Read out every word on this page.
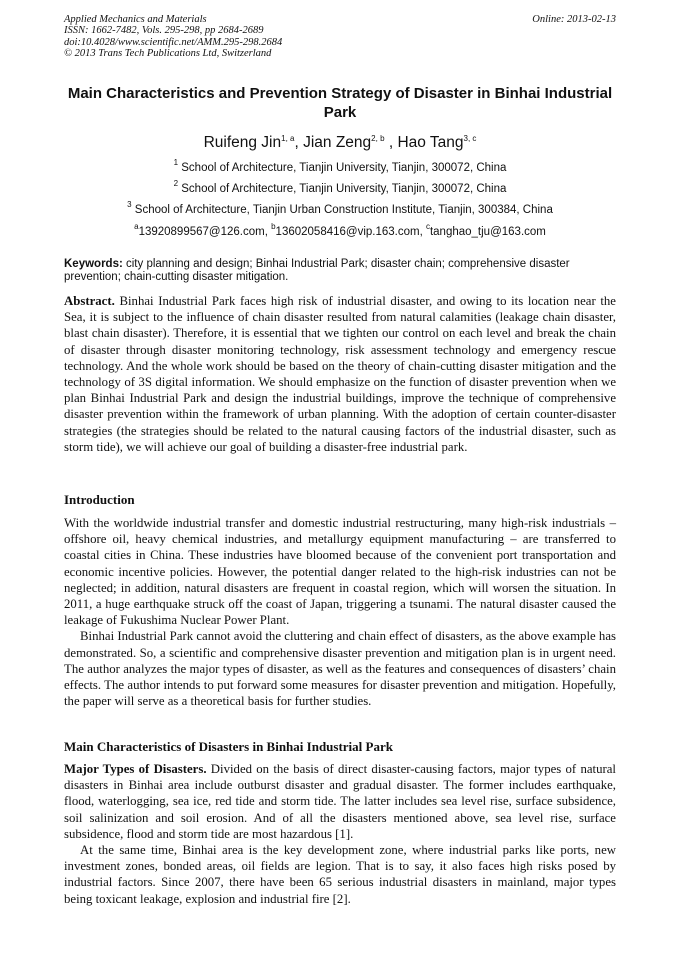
Applied Mechanics and Materials
ISSN: 1662-7482, Vols. 295-298, pp 2684-2689
doi:10.4028/www.scientific.net/AMM.295-298.2684
© 2013 Trans Tech Publications Ltd, Switzerland
Online: 2013-02-13
Main Characteristics and Prevention Strategy of Disaster in Binhai Industrial Park
Ruifeng Jin$^{1, a}$, Jian Zeng$^{2, b}$ , Hao Tang$^{3, c}$
$^1$ School of Architecture, Tianjin University, Tianjin, 300072, China
$^2$ School of Architecture, Tianjin University, Tianjin, 300072, China
$^3$ School of Architecture, Tianjin Urban Construction Institute, Tianjin, 300384, China
$^a$13920899567@126.com, $^b$13602058416@vip.163.com, $^c$tanghao_tju@163.com
Keywords: city planning and design; Binhai Industrial Park; disaster chain; comprehensive disaster prevention; chain-cutting disaster mitigation.
Abstract. Binhai Industrial Park faces high risk of industrial disaster, and owing to its location near the Sea, it is subject to the influence of chain disaster resulted from natural calamities (leakage chain disaster, blast chain disaster). Therefore, it is essential that we tighten our control on each level and break the chain of disaster through disaster monitoring technology, risk assessment technology and emergency rescue technology. And the whole work should be based on the theory of chain-cutting disaster mitigation and the technology of 3S digital information. We should emphasize on the function of disaster prevention when we plan Binhai Industrial Park and design the industrial buildings, improve the technique of comprehensive disaster prevention within the framework of urban planning. With the adoption of certain counter-disaster strategies (the strategies should be related to the natural causing factors of the industrial disaster, such as storm tide), we will achieve our goal of building a disaster-free industrial park.
Introduction
With the worldwide industrial transfer and domestic industrial restructuring, many high-risk industrials – offshore oil, heavy chemical industries, and metallurgy equipment manufacturing – are transferred to coastal cities in China. These industries have bloomed because of the convenient port transportation and economic incentive policies. However, the potential danger related to the high-risk industries can not be neglected; in addition, natural disasters are frequent in coastal region, which will worsen the situation. In 2011, a huge earthquake struck off the coast of Japan, triggering a tsunami. The natural disaster caused the leakage of Fukushima Nuclear Power Plant.
Binhai Industrial Park cannot avoid the cluttering and chain effect of disasters, as the above example has demonstrated. So, a scientific and comprehensive disaster prevention and mitigation plan is in urgent need. The author analyzes the major types of disaster, as well as the features and consequences of disasters’ chain effects. The author intends to put forward some measures for disaster prevention and mitigation. Hopefully, the paper will serve as a theoretical basis for further studies.
Main Characteristics of Disasters in Binhai Industrial Park
Major Types of Disasters. Divided on the basis of direct disaster-causing factors, major types of natural disasters in Binhai area include outburst disaster and gradual disaster. The former includes earthquake, flood, waterlogging, sea ice, red tide and storm tide. The latter includes sea level rise, surface subsidence, soil salinization and soil erosion. And of all the disasters mentioned above, sea level rise, surface subsidence, flood and storm tide are most hazardous [1].
At the same time, Binhai area is the key development zone, where industrial parks like ports, new investment zones, bonded areas, oil fields are legion. That is to say, it also faces high risks posed by industrial factors. Since 2007, there have been 65 serious industrial disasters in mainland, major types being toxicant leakage, explosion and industrial fire [2].
